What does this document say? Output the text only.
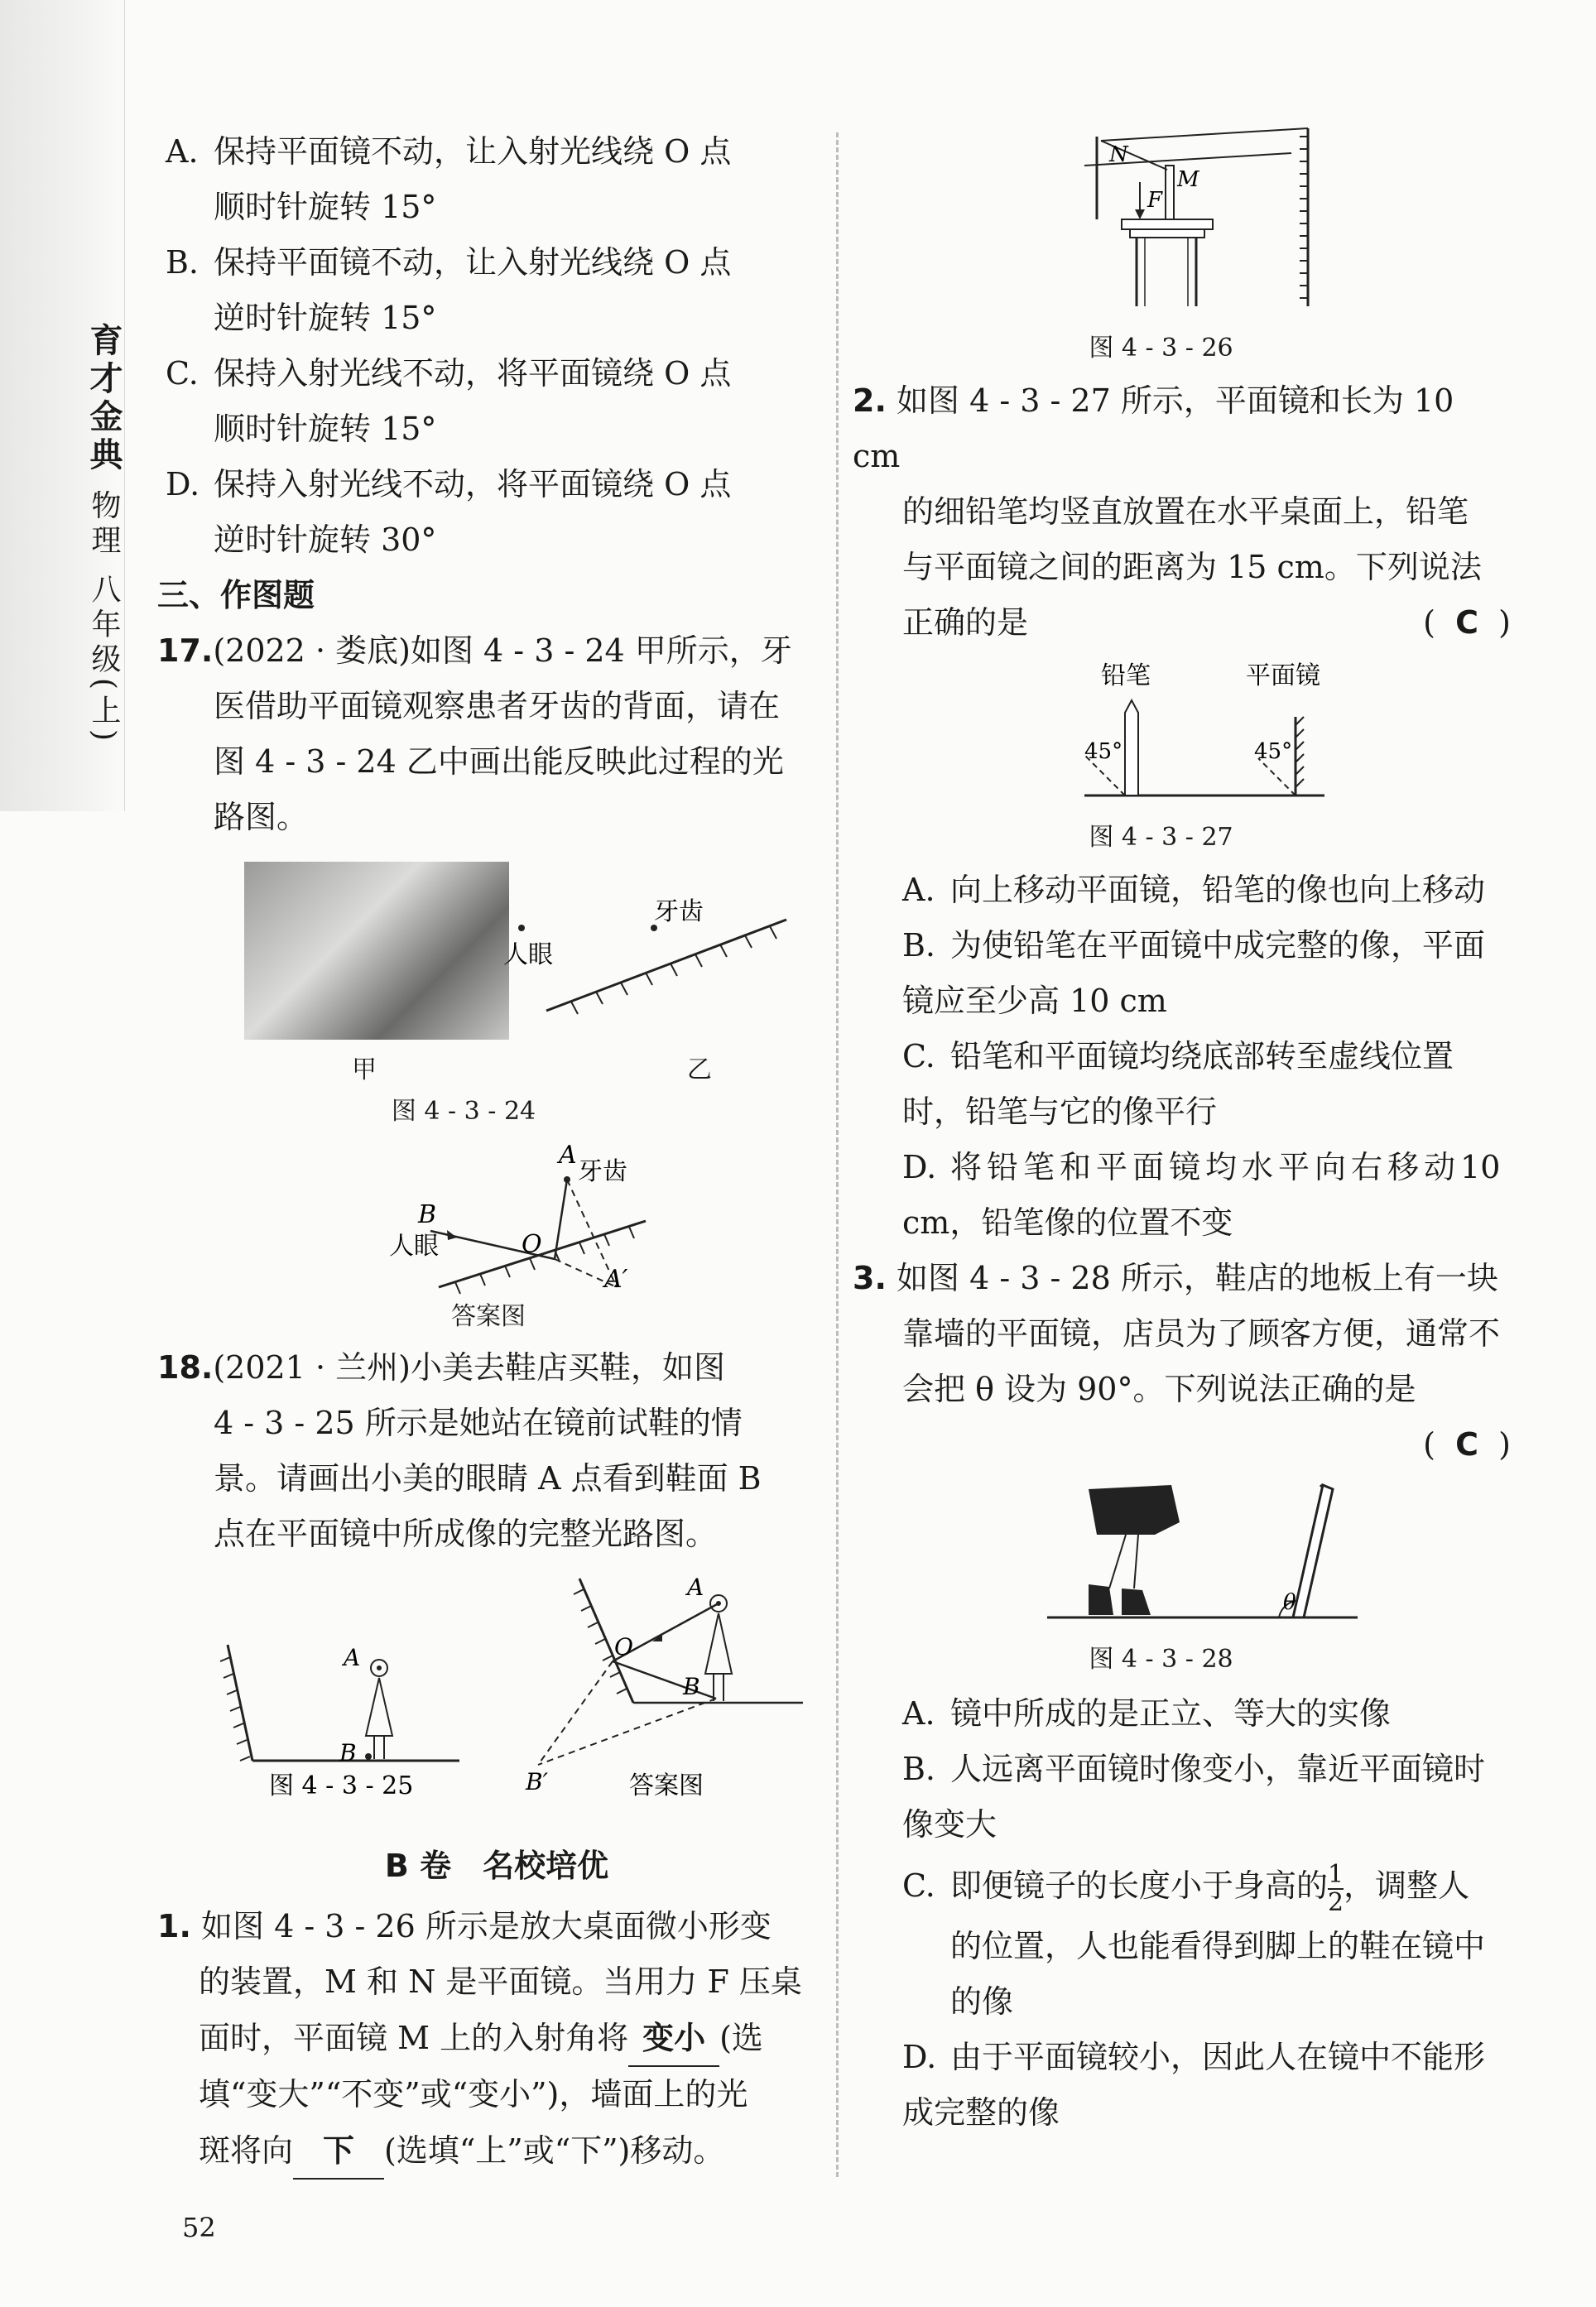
育才金典 物理 八年级(上)

A. 保持平面镜不动，让入射光线绕 O 点
顺时针旋转 15°

B. 保持平面镜不动，让入射光线绕 O 点
逆时针旋转 15°

C. 保持入射光线不动，将平面镜绕 O 点
顺时针旋转 15°

D. 保持入射光线不动，将平面镜绕 O 点
逆时针旋转 30°

三、作图题

17.(2022 · 娄底)如图 4 - 3 - 24 甲所示，牙

医借助平面镜观察患者牙齿的背面，请在

图 4 - 3 - 24 乙中画出能反映此过程的光

路图。

人眼
牙齿
甲	乙
图 4 - 3 - 24
B
人眼
A
牙齿
O
A′
答案图

18.(2021 · 兰州)小美去鞋店买鞋，如图

4 - 3 - 25 所示是她站在镜前试鞋的情

景。请画出小美的眼睛 A 点看到鞋面 B

点在平面镜中所成像的完整光路图。

A
B
A
B
O
B′
图 4 - 3 - 25	答案图
B 卷　名校培优

1. 如图 4 - 3 - 26 所示是放大桌面微小形变

的装置，M 和 N 是平面镜。当用力 F 压桌

面时，平面镜 M 上的入射角将 变小 (选

填“变大”“不变”或“变小”)，墙面上的光

斑将向 下 (选填“上”或“下”)移动。

N
M
F
图 4 - 3 - 26

2. 如图 4 - 3 - 27 所示，平面镜和长为 10 cm

的细铅笔均竖直放置在水平桌面上，铅笔

与平面镜之间的距离为 15 cm。下列说法

正确的是	( C )

铅笔	平面镜
45°	45°
图 4 - 3 - 27

A. 向上移动平面镜，铅笔的像也向上移动

B. 为使铅笔在平面镜中成完整的像，平面镜应至少高 10 cm

C. 铅笔和平面镜均绕底部转至虚线位置时，铅笔与它的像平行

D. 将铅笔和平面镜均水平向右移动10 cm，铅笔像的位置不变

3. 如图 4 - 3 - 28 所示，鞋店的地板上有一块

靠墙的平面镜，店员为了顾客方便，通常不

会把 θ 设为 90°。下列说法正确的是

( C )

θ
图 4 - 3 - 28

A. 镜中所成的是正立、等大的实像

B. 人远离平面镜时像变小，靠近平面镜时像变大

C. 即便镜子的长度小于身高的 $\frac{1}{2}$ ，调整人

的位置，人也能看得到脚上的鞋在镜中

的像

D. 由于平面镜较小，因此人在镜中不能形成完整的像

52
